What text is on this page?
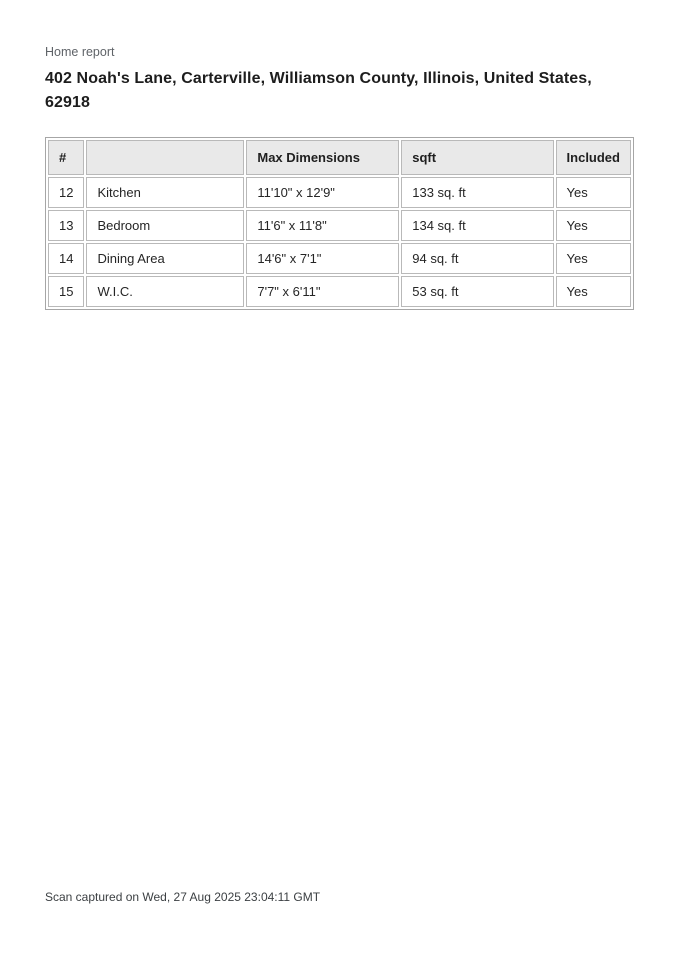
Home report
402 Noah's Lane, Carterville, Williamson County, Illinois, United States, 62918
#		Max Dimensions	sqft	Included
12	Kitchen	11'10" x 12'9"	133 sq. ft	Yes
13	Bedroom	11'6" x 11'8"	134 sq. ft	Yes
14	Dining Area	14'6" x 7'1"	94 sq. ft	Yes
15	W.I.C.	7'7" x 6'11"	53 sq. ft	Yes
Scan captured on Wed, 27 Aug 2025 23:04:11 GMT
